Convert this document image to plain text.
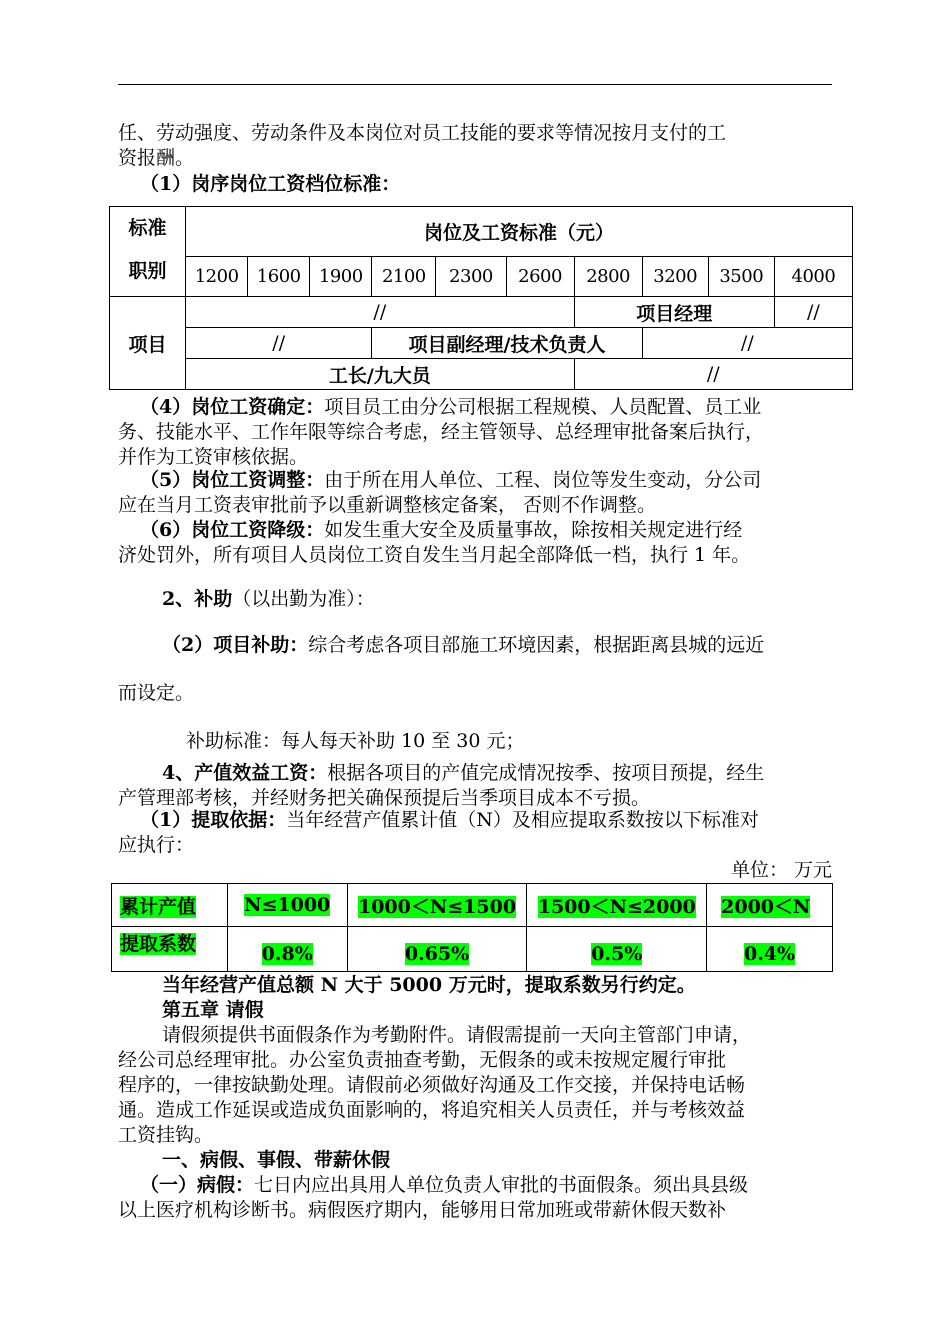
任、劳动强度、劳动条件及本岗位对员工技能的要求等情况按月支付的工
资报酬。
（1）岗序岗位工资档位标准：
标准
职别	岗位及工资标准（元）									
	1200	1600	1900	2100	2300	2600	2800	3200	3500	4000
项目	//						项目经理			//
	//			项目副经理/技术负责人				//		
	工长/九大员						//			
（4）岗位工资确定：项目员工由分公司根据工程规模、人员配置、员工业
务、技能水平、工作年限等综合考虑，经主管领导、总经理审批备案后执行，
并作为工资审核依据。
（5）岗位工资调整：由于所在用人单位、工程、岗位等发生变动，分公司
应在当月工资表审批前予以重新调整核定备案， 否则不作调整。
（6）岗位工资降级：如发生重大安全及质量事故，除按相关规定进行经
济处罚外，所有项目人员岗位工资自发生当月起全部降低一档，执行 1 年。
2、补助（以出勤为准）：
（2）项目补助：综合考虑各项目部施工环境因素，根据距离县城的远近
而设定。
补助标准：每人每天补助 10 至 30 元；
4、产值效益工资：根据各项目的产值完成情况按季、按项目预提，经生
产管理部考核，并经财务把关确保预提后当季项目成本不亏损。
（1）提取依据：当年经营产值累计值（N）及相应提取系数按以下标准对
应执行：
单位： 万元
累计产值	N≤1000	1000＜N≤1500	1500＜N≤2000	2000＜N
提取系数	0.8%	0.65%	0.5%	0.4%
当年经营产值总额 N 大于 5000 万元时，提取系数另行约定。
第五章 请假
请假须提供书面假条作为考勤附件。请假需提前一天向主管部门申请，
经公司总经理审批。办公室负责抽查考勤，无假条的或未按规定履行审批
程序的，一律按缺勤处理。请假前必须做好沟通及工作交接，并保持电话畅
通。造成工作延误或造成负面影响的，将追究相关人员责任，并与考核效益
工资挂钩。
一、病假、事假、带薪休假
（一）病假：七日内应出具用人单位负责人审批的书面假条。须出具县级
以上医疗机构诊断书。病假医疗期内，能够用日常加班或带薪休假天数补
